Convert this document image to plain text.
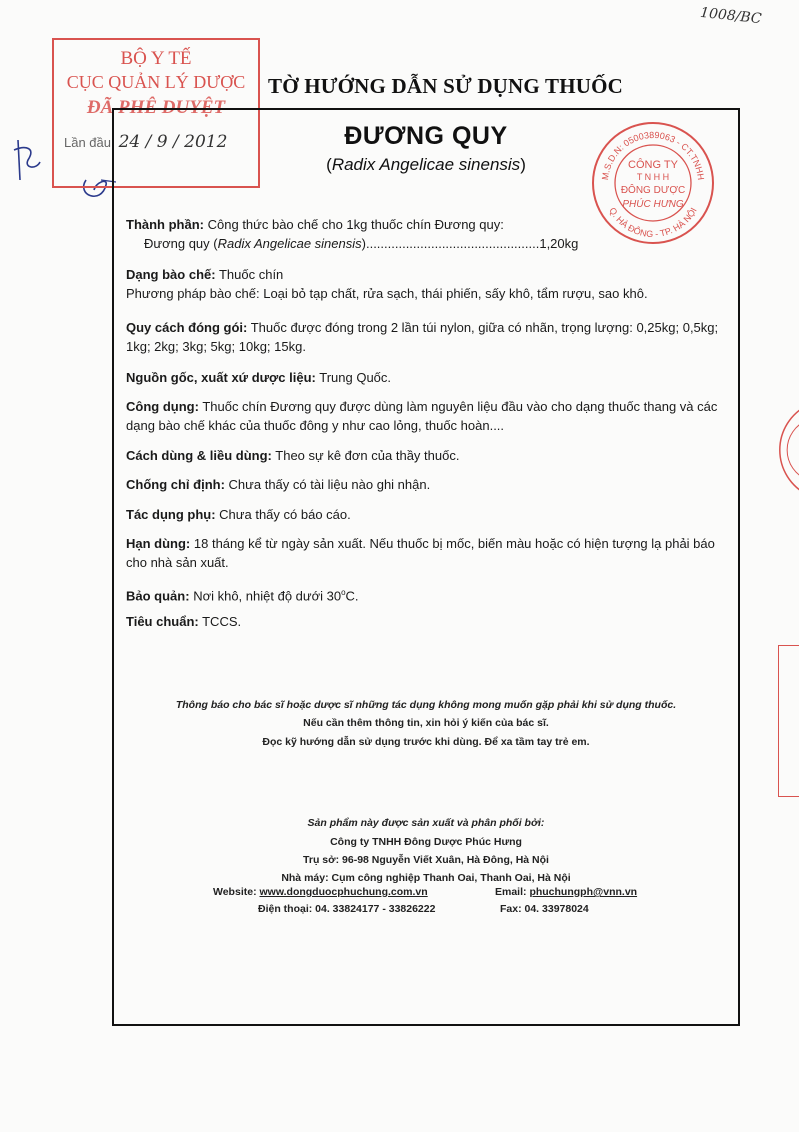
1008/BC
BỘ Y TẾ
CỤC QUẢN LÝ DƯỢC
ĐÃ PHÊ DUYỆT
Lần đầu: 24 / 9 / 2012
TỜ HƯỚNG DẪN SỬ DỤNG THUỐC
ĐƯƠNG QUY
(Radix Angelicae sinensis)
M.S.D.N: 0500389063 - CT.TNHH
Q. HÀ ĐÔNG - TP. HÀ NỘI
CÔNG TY
T N H H
ĐÔNG DƯỢC
PHÚC HƯNG
Thành phần: Công thức bào chế cho 1kg thuốc chín Đương quy:
Đương quy (Radix Angelicae sinensis)................................................1,20kg
Dạng bào chế: Thuốc chín
Phương pháp bào chế: Loại bỏ tạp chất, rửa sạch, thái phiến, sấy khô, tẩm rượu, sao khô.
Quy cách đóng gói: Thuốc được đóng trong 2 lần túi nylon, giữa có nhãn, trọng lượng: 0,25kg; 0,5kg;
1kg; 2kg; 3kg; 5kg; 10kg; 15kg.
Nguồn gốc, xuất xứ dược liệu: Trung Quốc.
Công dụng: Thuốc chín Đương quy được dùng làm nguyên liệu đầu vào cho dạng thuốc thang và các
dạng bào chế khác của thuốc đông y như cao lỏng, thuốc hoàn....
Cách dùng & liều dùng: Theo sự kê đơn của thầy thuốc.
Chống chỉ định: Chưa thấy có tài liệu nào ghi nhận.
Tác dụng phụ: Chưa thấy có báo cáo.
Hạn dùng: 18 tháng kể từ ngày sản xuất. Nếu thuốc bị mốc, biến màu hoặc có hiện tượng lạ phải báo
cho nhà sản xuất.
Bảo quản: Nơi khô, nhiệt độ dưới 30$^o$C.
Tiêu chuẩn: TCCS.
Thông báo cho bác sĩ hoặc dược sĩ những tác dụng không mong muốn gặp phải khi sử dụng thuốc.
Nếu cần thêm thông tin, xin hỏi ý kiến của bác sĩ.
Đọc kỹ hướng dẫn sử dụng trước khi dùng. Để xa tầm tay trẻ em.
Sản phẩm này được sản xuất và phân phối bởi:
Công ty TNHH Đông Dược Phúc Hưng
Trụ sở: 96-98 Nguyễn Viết Xuân, Hà Đông, Hà Nội
Nhà máy: Cụm công nghiệp Thanh Oai, Thanh Oai, Hà Nội
Website: www.dongduocphuchung.com.vn	Email: phuchungph@vnn.vn
Điện thoại: 04. 33824177 - 33826222	Fax: 04. 33978024
